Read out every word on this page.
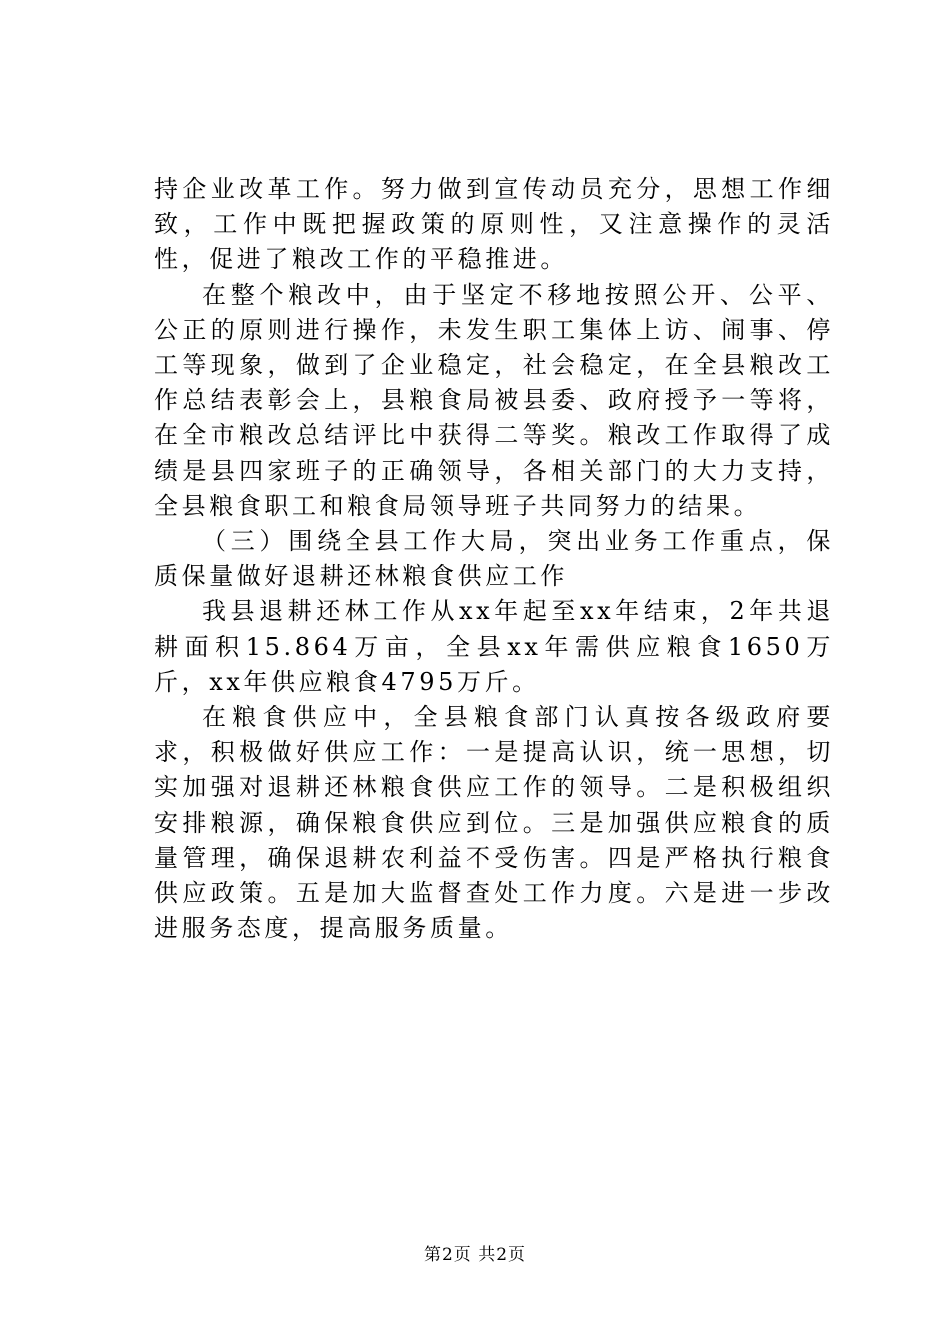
持企业改革工作。努力做到宣传动员充分，思想工作细致，工作中既把握政策的原则性，又注意操作的灵活性，促进了粮改工作的平稳推进。

在整个粮改中，由于坚定不移地按照公开、公平、公正的原则进行操作，未发生职工集体上访、闹事、停工等现象，做到了企业稳定，社会稳定，在全县粮改工作总结表彰会上，县粮食局被县委、政府授予一等将，在全市粮改总结评比中获得二等奖。粮改工作取得了成绩是县四家班子的正确领导，各相关部门的大力支持，全县粮食职工和粮食局领导班子共同努力的结果。

（三）围绕全县工作大局，突出业务工作重点，保质保量做好退耕还林粮食供应工作

我县退耕还林工作从xx年起至xx年结束，2年共退耕面积15.864万亩，全县xx年需供应粮食1650万斤，xx年供应粮食4795万斤。

在粮食供应中，全县粮食部门认真按各级政府要求，积极做好供应工作：一是提高认识，统一思想，切实加强对退耕还林粮食供应工作的领导。二是积极组织安排粮源，确保粮食供应到位。三是加强供应粮食的质量管理，确保退耕农利益不受伤害。四是严格执行粮食供应政策。五是加大监督查处工作力度。六是进一步改进服务态度，提高服务质量。

第2页 共2页
